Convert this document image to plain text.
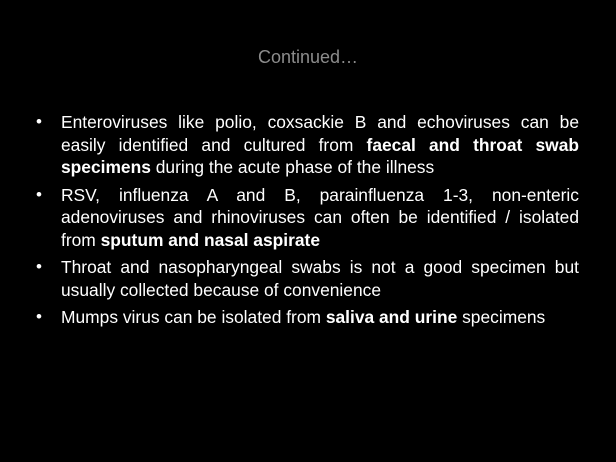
Continued…
• Enteroviruses like polio, coxsackie B and echoviruses can be easily identified and cultured from faecal and throat swab specimens during the acute phase of the illness
• RSV, influenza A and B, parainfluenza 1-3, non-enteric adenoviruses and rhinoviruses can often be identified / isolated from sputum and nasal aspirate
• Throat and nasopharyngeal swabs is not a good specimen but usually collected because of convenience
• Mumps virus can be isolated from saliva and urine specimens
